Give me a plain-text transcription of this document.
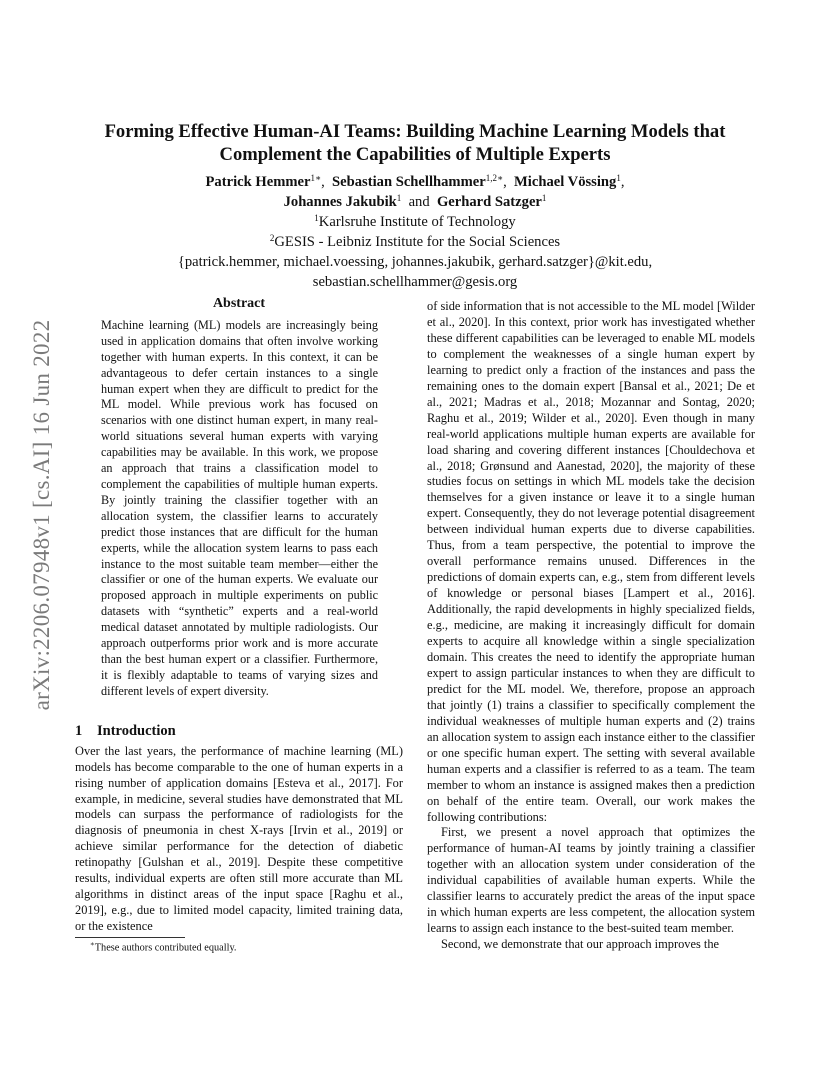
arXiv:2206.07948v1 [cs.AI] 16 Jun 2022
Forming Effective Human-AI Teams: Building Machine Learning Models that
Complement the Capabilities of Multiple Experts
Patrick Hemmer$^{1∗}$,  Sebastian Schellhammer$^{1,2∗}$,  Michael Vössing$^1$,
Johannes Jakubik$^1$ and Gerhard Satzger$^1$
$^1$Karlsruhe Institute of Technology
$^2$GESIS - Leibniz Institute for the Social Sciences
{patrick.hemmer, michael.voessing, johannes.jakubik, gerhard.satzger}@kit.edu,
sebastian.schellhammer@gesis.org
Abstract

Machine learning (ML) models are increasingly being used in application domains that often involve working together with human experts. In this context, it can be advantageous to defer certain instances to a single human expert when they are difficult to predict for the ML model. While previous work has focused on scenarios with one distinct human expert, in many real-world situations several human experts with varying capabilities may be available. In this work, we propose an approach that trains a classification model to complement the capabilities of multiple human experts. By jointly training the classifier together with an allocation system, the classifier learns to accurately predict those instances that are difficult for the human experts, while the allocation system learns to pass each instance to the most suitable team member—either the classifier or one of the human experts. We evaluate our proposed approach in multiple experiments on public datasets with “synthetic” experts and a real-world medical dataset annotated by multiple radiologists. Our approach outperforms prior work and is more accurate than the best human expert or a classifier. Furthermore, it is flexibly adaptable to teams of varying sizes and different levels of expert diversity.

1 Introduction

Over the last years, the performance of machine learning (ML) models has become comparable to the one of human experts in a rising number of application domains [Esteva et al., 2017]. For example, in medicine, several studies have demonstrated that ML models can surpass the performance of radiologists for the diagnosis of pneumonia in chest X-rays [Irvin et al., 2019] or achieve similar performance for the detection of diabetic retinopathy [Gulshan et al., 2019]. Despite these competitive results, individual experts are often still more accurate than ML algorithms in distinct areas of the input space [Raghu et al., 2019], e.g., due to limited model capacity, limited training data, or the existence

of side information that is not accessible to the ML model [Wilder et al., 2020]. In this context, prior work has investigated whether these different capabilities can be leveraged to enable ML models to complement the weaknesses of a single human expert by learning to predict only a fraction of the instances and pass the remaining ones to the domain expert [Bansal et al., 2021; De et al., 2021; Madras et al., 2018; Mozannar and Sontag, 2020; Raghu et al., 2019; Wilder et al., 2020]. Even though in many real-world applications multiple human experts are available for load sharing and covering different instances [Chouldechova et al., 2018; Grønsund and Aanestad, 2020], the majority of these studies focus on settings in which ML models take the decision themselves for a given instance or leave it to a single human expert. Consequently, they do not leverage potential disagreement between individual human experts due to diverse capabilities. Thus, from a team perspective, the potential to improve the overall performance remains unused. Differences in the predictions of domain experts can, e.g., stem from different levels of knowledge or personal biases [Lampert et al., 2016]. Additionally, the rapid developments in highly specialized fields, e.g., medicine, are making it increasingly difficult for domain experts to acquire all knowledge within a single specialization domain. This creates the need to identify the appropriate human expert to assign particular instances to when they are difficult to predict for the ML model. We, therefore, propose an approach that jointly (1) trains a classifier to specifically complement the individual weaknesses of multiple human experts and (2) trains an allocation system to assign each instance either to the classifier or one specific human expert. The setting with several available human experts and a classifier is referred to as a team. The team member to whom an instance is assigned makes then a prediction on behalf of the entire team. Overall, our work makes the following contributions:

First, we present a novel approach that optimizes the performance of human-AI teams by jointly training a classifier together with an allocation system under consideration of the individual capabilities of available human experts. While the classifier learns to accurately predict the areas of the input space in which human experts are less competent, the allocation system learns to assign each instance to the best-suited team member.

Second, we demonstrate that our approach improves the

∗These authors contributed equally.
